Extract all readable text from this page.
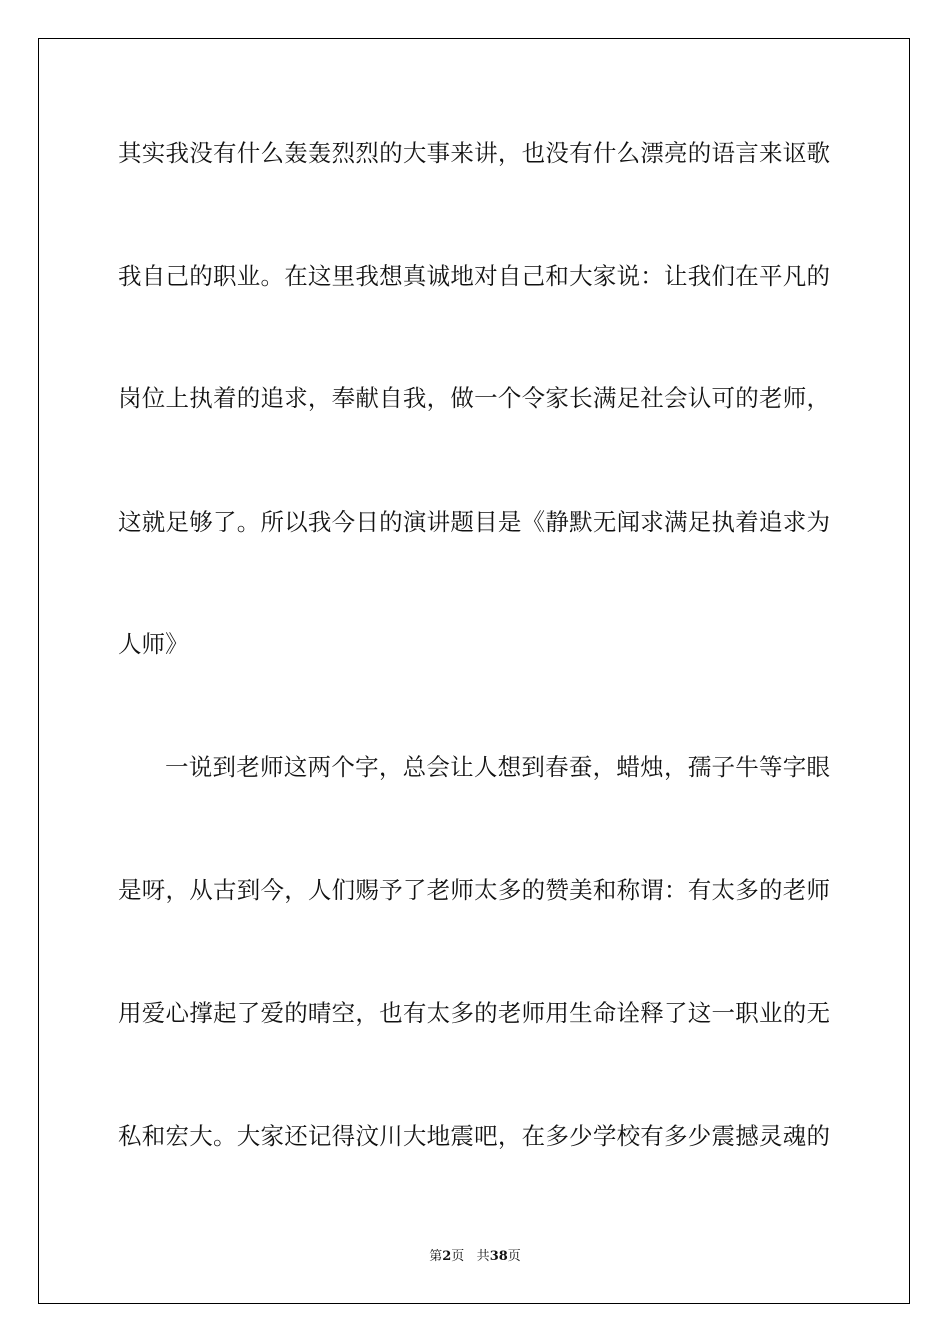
其实我没有什么轰轰烈烈的大事来讲，也没有什么漂亮的语言来讴歌
我自己的职业。在这里我想真诚地对自己和大家说：让我们在平凡的
岗位上执着的追求，奉献自我，做一个令家长满足社会认可的老师，
这就足够了。所以我今日的演讲题目是《静默无闻求满足执着追求为
人师》
一说到老师这两个字，总会让人想到春蚕，蜡烛，孺子牛等字眼
是呀，从古到今，人们赐予了老师太多的赞美和称谓：有太多的老师
用爱心撑起了爱的晴空，也有太多的老师用生命诠释了这一职业的无
私和宏大。大家还记得汶川大地震吧，在多少学校有多少震撼灵魂的
第2页 共38页
